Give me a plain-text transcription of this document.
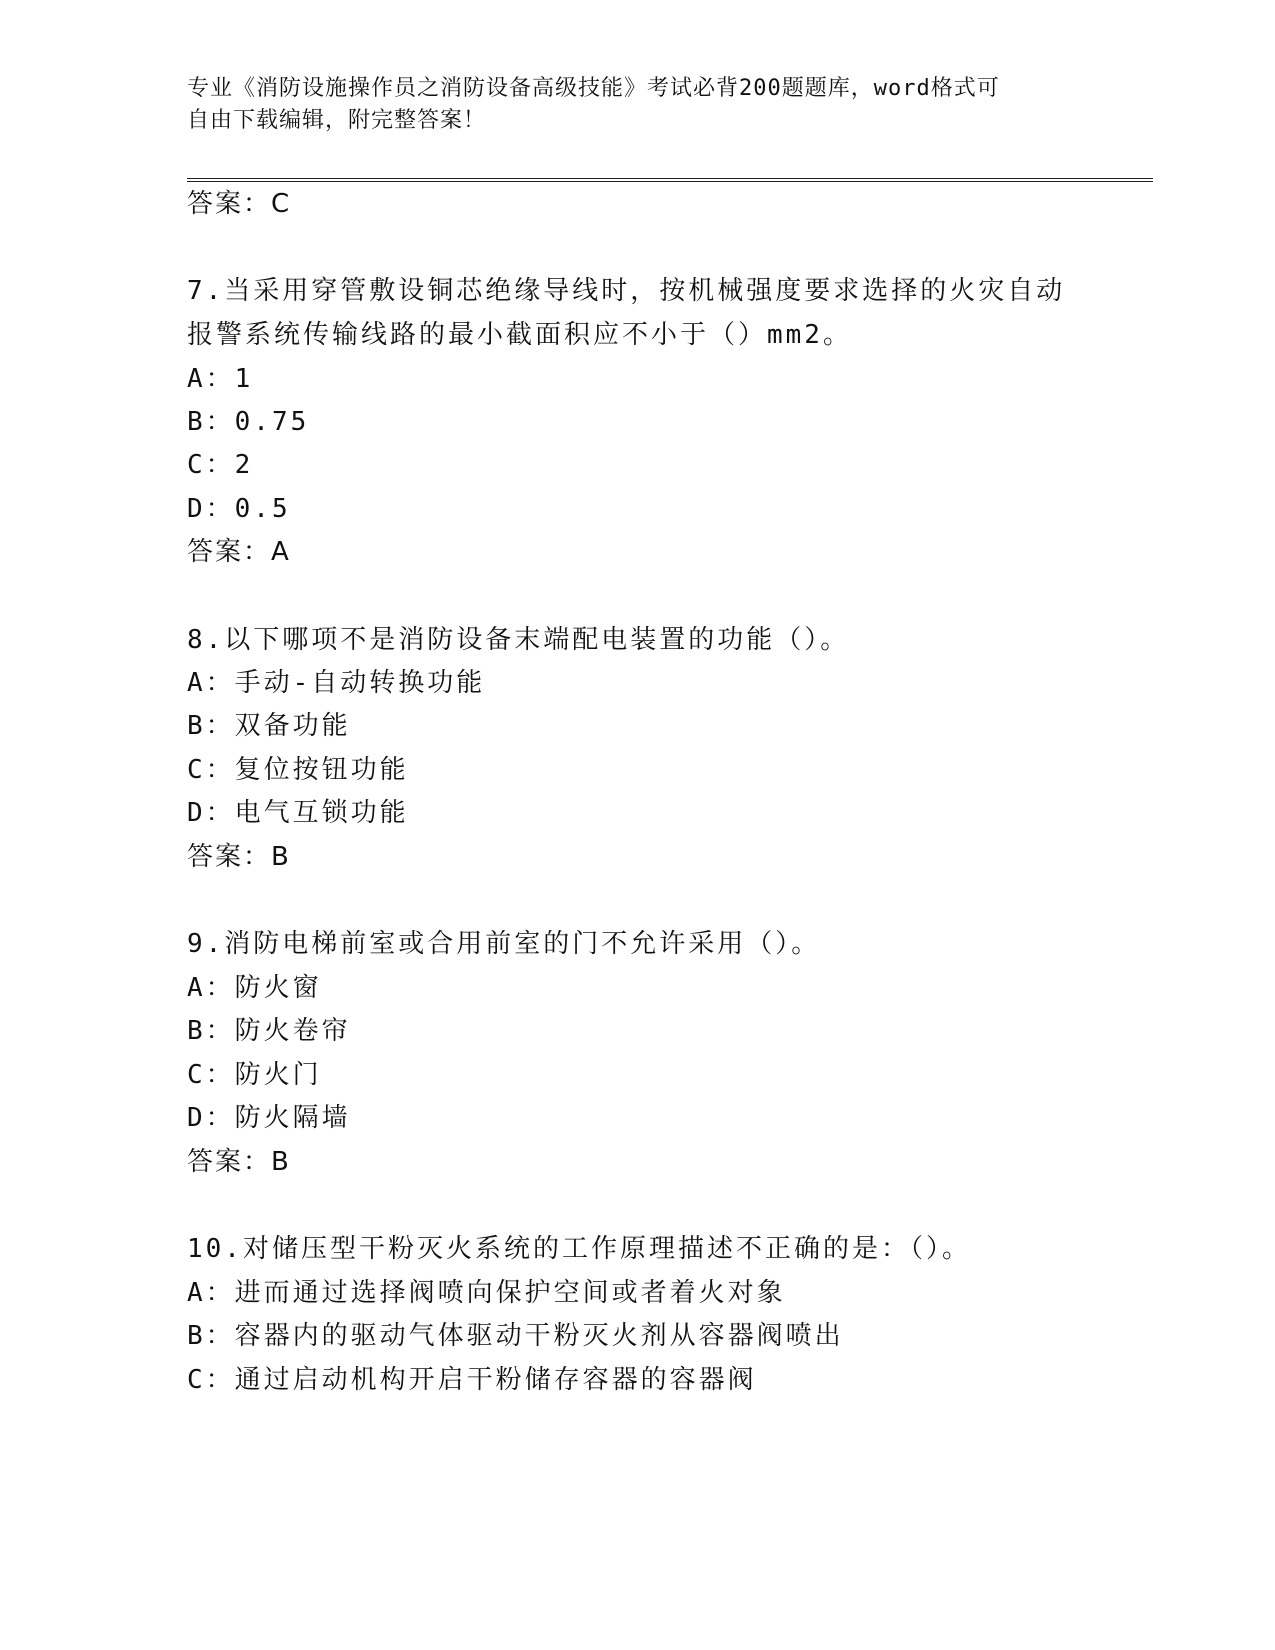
专业《消防设施操作员之消防设备高级技能》考试必背200题题库，word格式可
自由下载编辑，附完整答案！
答案：C
7.当采用穿管敷设铜芯绝缘导线时，按机械强度要求选择的火灾自动
报警系统传输线路的最小截面积应不小于（）mm2。
A：1
B：0.75
C：2
D：0.5
答案：A
8.以下哪项不是消防设备末端配电装置的功能（）。
A：手动-自动转换功能
B：双备功能
C：复位按钮功能
D：电气互锁功能
答案：B
9.消防电梯前室或合用前室的门不允许采用（）。
A：防火窗
B：防火卷帘
C：防火门
D：防火隔墙
答案：B
10.对储压型干粉灭火系统的工作原理描述不正确的是：（）。
A：进而通过选择阀喷向保护空间或者着火对象
B：容器内的驱动气体驱动干粉灭火剂从容器阀喷出
C：通过启动机构开启干粉储存容器的容器阀
